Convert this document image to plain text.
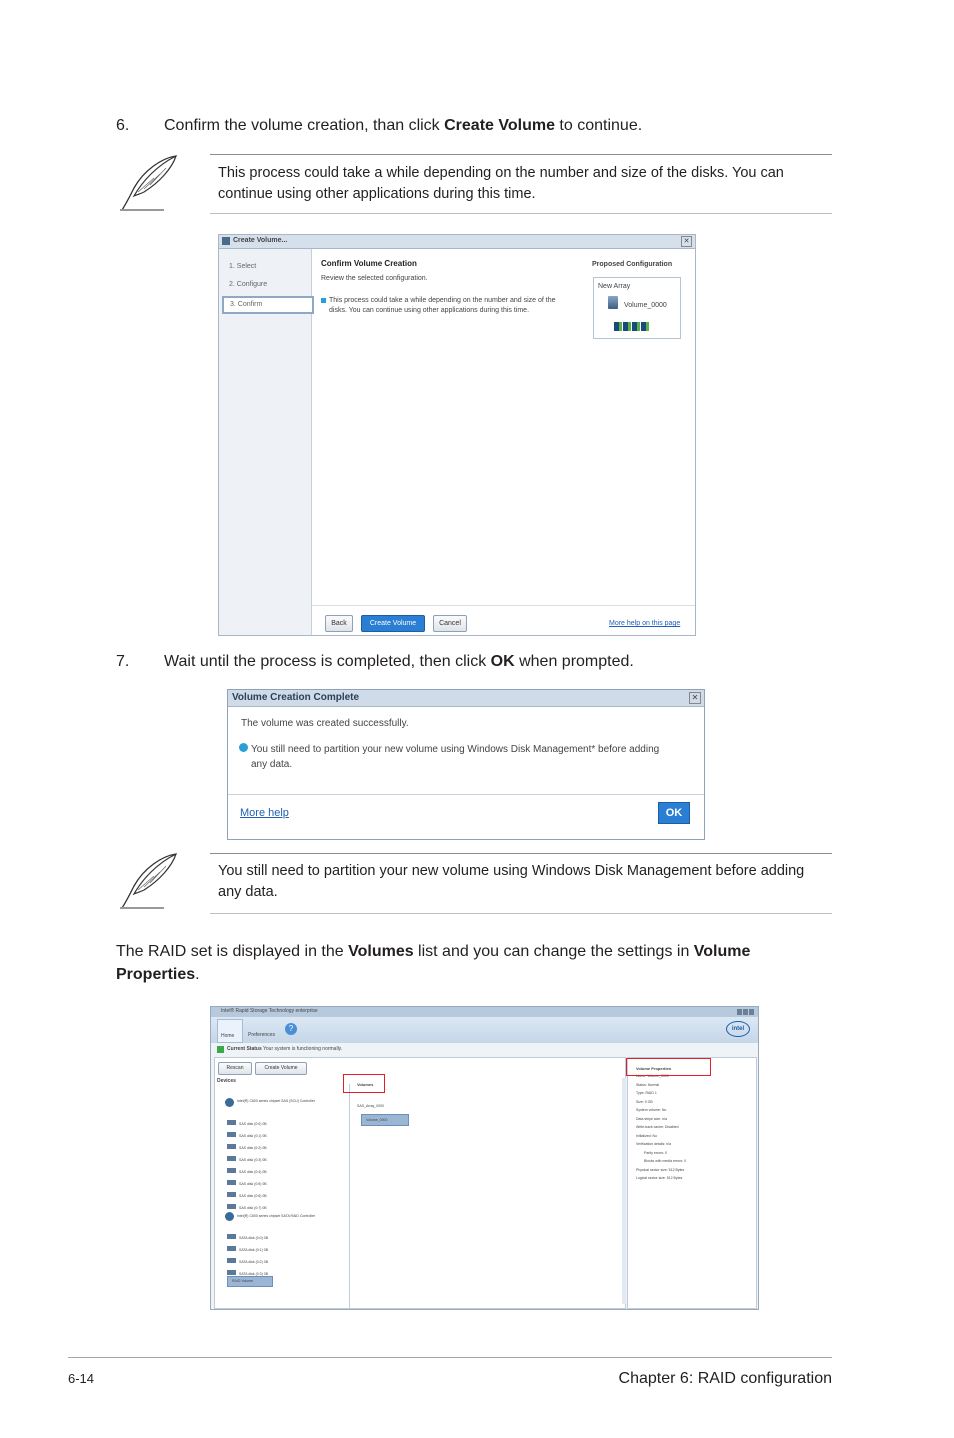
6. Confirm the volume creation, than click Create Volume to continue.
This process could take a while depending on the number and size of the disks. You can
continue using other applications during this time.
Create Volume...	✕
1. Select
2. Configure
3. Confirm
Confirm Volume Creation
Review the selected configuration.
This process could take a while depending on the number and size of the
disks. You can continue using other applications during this time.
Proposed Configuration
New Array
Volume_0000
Back	Create Volume	Cancel	More help on this page
7. Wait until the process is completed, then click OK when prompted.
Volume Creation Complete	✕
The volume was created successfully.
You still need to partition your new volume using Windows Disk Management* before adding
any data.
More help	OK
You still need to partition your new volume using Windows Disk Management before adding
any data.
The RAID set is displayed in the Volumes list and you can change the settings in Volume
Properties.
Intel® Rapid Storage Technology enterprise
Home	Preferences
?	intel
Current Status Your system is functioning normally.
Rescan	Create Volume
Devices
Intel(R) C600 series chipset SAS (SCU) Controller
SAS disk (0:0) 0B
SAS disk (0:1) 0B
SAS disk (0:2) 0B
SAS disk (0:3) 0B
SAS disk (0:4) 0B
SAS disk (0:5) 0B
SAS disk (0:6) 0B
SAS disk (0:7) 0B
Intel(R) C600 series chipset SATA RAID Controller
SATA disk (0:0) 0B
SATA disk (0:1) 0B
SATA disk (0:2) 0B
SATA disk (0:3) 0B
RAID Volume
Volumes
SAS_Array_0000
Volume_0000
Volume Properties
Name: Volume_0000
Status: Normal
Type: RAID 1
Size: 0 GB
System volume: No
Data stripe size: n/a
Write-back cache: Disabled
Initialized: No
Verification details: n/a
Parity errors: 0
Blocks with media errors: 0
Physical sector size: 512 Bytes
Logical sector size: 512 Bytes
6-14	Chapter 6: RAID configuration
